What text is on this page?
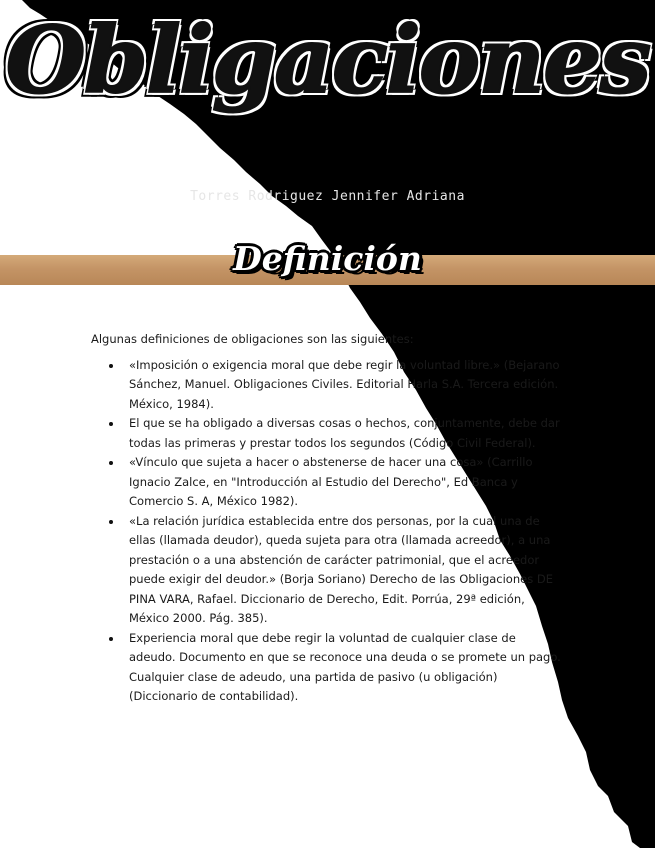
Obligaciones
Torres Rodriguez Jennifer Adriana
Definición

Algunas definiciones de obligaciones son las siguientes:

«Imposición o exigencia moral que debe regir la voluntad libre.» (Bejarano Sánchez, Manuel. Obligaciones Civiles. Editorial Harla S.A. Tercera edición. México, 1984).
El que se ha obligado a diversas cosas o hechos, conjuntamente, debe dar todas las primeras y prestar todos los segundos (Código Civil Federal).
«Vínculo que sujeta a hacer o abstenerse de hacer una cosa» (Carrillo Ignacio Zalce, en "Introducción al Estudio del Derecho", Ed Banca y Comercio S. A, México 1982).
«La relación jurídica establecida entre dos personas, por la cual una de ellas (llamada deudor), queda sujeta para otra (llamada acreedor), a una prestación o a una abstención de carácter patrimonial, que el acreedor puede exigir del deudor.» (Borja Soriano) Derecho de las Obligaciones DE PINA VARA, Rafael. Diccionario de Derecho, Edit. Porrúa, 29ª edición, México 2000. Pág. 385).
Experiencia moral que debe regir la voluntad de cualquier clase de adeudo. Documento en que se reconoce una deuda o se promete un pago. Cualquier clase de adeudo, una partida de pasivo (u obligación) (Diccionario de contabilidad).
